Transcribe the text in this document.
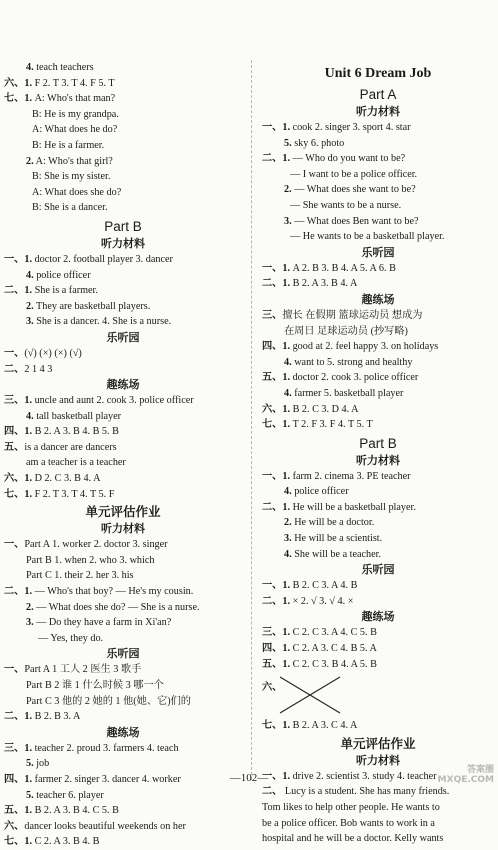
4. teach teachers
六、1. F 2. T 3. T 4. F 5. T
七、1. A: Who's that man?
B: He is my grandpa.
A: What does he do?
B: He is a farmer.
2. A: Who's that girl?
B: She is my sister.
A: What does she do?
B: She is a dancer.
Part B
听力材料
一、1. doctor 2. football player 3. dancer
4. police officer
二、1. She is a farmer.
2. They are basketball players.
3. She is a dancer. 4. She is a nurse.
乐听园
一、(√) (×) (×) (√)
二、2 1 4 3
趣练场
三、1. uncle and aunt 2. cook 3. police officer
4. tall basketball player
四、1. B 2. A 3. B 4. B 5. B
五、is a dancer are dancers
am a teacher is a teacher
六、1. D 2. C 3. B 4. A
七、1. F 2. T 3. T 4. T 5. F
单元评估作业
听力材料
一、Part A 1. worker 2. doctor 3. singer
Part B 1. when 2. who 3. which
Part C 1. their 2. her 3. his
二、1. — Who's that boy? — He's my cousin.
2. — What does she do? — She is a nurse.
3. — Do they have a farm in Xi'an?
— Yes, they do.
乐听园
一、Part A 1 工人 2 医生 3 歌手
Part B 2 谁 1 什么时候 3 哪一个
Part C 3 他的 2 她的 1 他(她、它)们的
二、1. B 2. B 3. A
趣练场
三、1. teacher 2. proud 3. farmers 4. teach
5. job
四、1. farmer 2. singer 3. dancer 4. worker
5. teacher 6. player
五、1. B 2. A 3. B 4. C 5. B
六、dancer looks beautiful weekends on her
七、1. C 2. A 3. B 4. B
Unit 6 Dream Job
Part A
听力材料
一、1. cook 2. singer 3. sport 4. star
5. sky 6. photo
二、1. — Who do you want to be?
— I want to be a police officer.
2. — What does she want to be?
— She wants to be a nurse.
3. — What does Ben want to be?
— He wants to be a basketball player.
乐听园
一、1. A 2. B 3. B 4. A 5. A 6. B
二、1. B 2. A 3. B 4. A
趣练场
三、擅长 在假期 篮球运动员 想成为
在周日 足球运动员 (抄写略)
四、1. good at 2. feel happy 3. on holidays
4. want to 5. strong and healthy
五、1. doctor 2. cook 3. police officer
4. farmer 5. basketball player
六、1. B 2. C 3. D 4. A
七、1. T 2. F 3. F 4. T 5. T
Part B
听力材料
一、1. farm 2. cinema 3. PE teacher
4. police officer
二、1. He will be a basketball player.
2. He will be a doctor.
3. He will be a scientist.
4. She will be a teacher.
乐听园
一、1. B 2. C 3. A 4. B
二、1. × 2. √ 3. √ 4. ×
趣练场
三、1. C 2. C 3. A 4. C 5. B
四、1. C 2. A 3. C 4. B 5. A
五、1. C 2. C 3. B 4. A 5. B
六、
七、1. B 2. A 3. C 4. A
单元评估作业
听力材料
一、1. drive 2. scientist 3. study 4. teacher
二、 Lucy is a student. She has many friends.
Tom likes to help other people. He wants to
be a police officer. Bob wants to work in a
hospital and he will be a doctor. Kelly wants
—102—
答案圈
MXQE.COM
